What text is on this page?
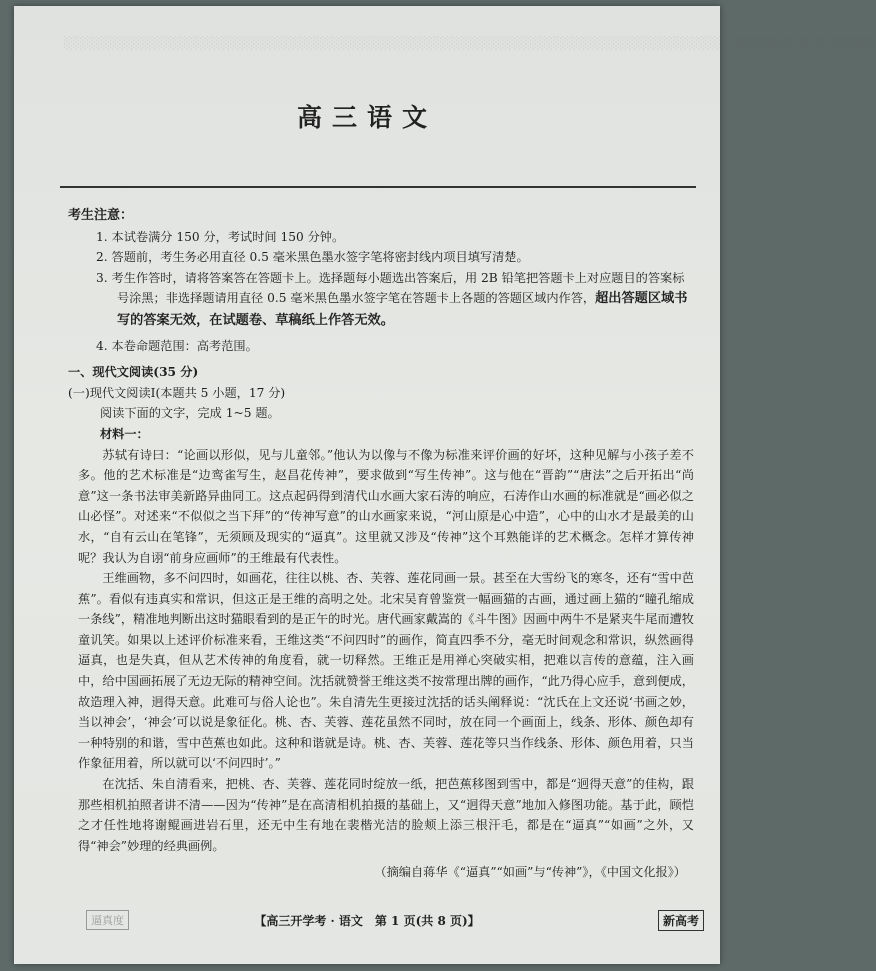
░░░░░░░░░░░░░░░░░░░░░░░░░░░░░░░░░░░░░░░░░░░░░░░░░░░░░░░░░░░░░░░░░░░░░░░░░░░░░░░░░░░░░░░░
高三语文
考生注意：
1. 本试卷满分 150 分，考试时间 150 分钟。
2. 答题前，考生务必用直径 0.5 毫米黑色墨水签字笔将密封线内项目填写清楚。
3. 考生作答时，请将答案答在答题卡上。选择题每小题选出答案后，用 2B 铅笔把答题卡上对应题目的答案标号涂黑；非选择题请用直径 0.5 毫米黑色墨水签字笔在答题卡上各题的答题区域内作答，超出答题区域书写的答案无效，在试题卷、草稿纸上作答无效。
4. 本卷命题范围：高考范围。
一、现代文阅读(35 分)
(一)现代文阅读Ⅰ(本题共 5 小题，17 分)
阅读下面的文字，完成 1~5 题。
材料一：

苏轼有诗曰：“论画以形似，见与儿童邻。”他认为以像与不像为标准来评价画的好坏，这种见解与小孩子差不多。他的艺术标准是“边鸾雀写生，赵昌花传神”，要求做到“写生传神”。这与他在“晋韵”“唐法”之后开拓出“尚意”这一条书法审美新路异曲同工。这点起码得到清代山水画大家石涛的响应，石涛作山水画的标准就是“画必似之山必怪”。对述来“不似似之当下拜”的“传神写意”的山水画家来说，“河山原是心中造”，心中的山水才是最美的山水，“自有云山在笔锋”，无须顾及现实的“逼真”。这里就又涉及“传神”这个耳熟能详的艺术概念。怎样才算传神呢？我认为自诩“前身应画师”的王维最有代表性。

王维画物，多不问四时，如画花，往往以桃、杏、芙蓉、莲花同画一景。甚至在大雪纷飞的寒冬，还有“雪中芭蕉”。看似有违真实和常识，但这正是王维的高明之处。北宋吴育曾鉴赏一幅画猫的古画，通过画上猫的“瞳孔缩成一条线”，精准地判断出这时猫眼看到的是正午的时光。唐代画家戴嵩的《斗牛图》因画中两牛不是紧夹牛尾而遭牧童讥笑。如果以上述评价标准来看，王维这类“不问四时”的画作，简直四季不分，毫无时间观念和常识，纵然画得逼真，也是失真，但从艺术传神的角度看，就一切释然。王维正是用禅心突破实相，把难以言传的意蕴，注入画中，给中国画拓展了无边无际的精神空间。沈括就赞誉王维这类不按常理出牌的画作，“此乃得心应手，意到便成，故造理入神，迥得天意。此难可与俗人论也”。朱自清先生更接过沈括的话头阐释说：“沈氏在上文还说‘书画之妙，当以神会’，‘神会’可以说是象征化。桃、杏、芙蓉、莲花虽然不同时，放在同一个画面上，线条、形体、颜色却有一种特别的和谐，雪中芭蕉也如此。这种和谐就是诗。桃、杏、芙蓉、莲花等只当作线条、形体、颜色用着，只当作象征用着，所以就可以‘不问四时’。”

在沈括、朱自清看来，把桃、杏、芙蓉、莲花同时绽放一纸，把芭蕉移图到雪中，都是“迥得天意”的佳构，跟那些相机拍照者讲不清——因为“传神”是在高清相机拍摄的基础上，又“迥得天意”地加入修图功能。基于此，顾恺之才任性地将谢鲲画进岩石里，还无中生有地在裴楷光洁的脸颊上添三根汗毛，都是在“逼真”“如画”之外，又得“神会”妙理的经典画例。

（摘编自蒋华《“逼真”“如画”与“传神”》，《中国文化报》）
逼真度	【高三开学考 · 语文　第 1 页(共 8 页)】	新高考
